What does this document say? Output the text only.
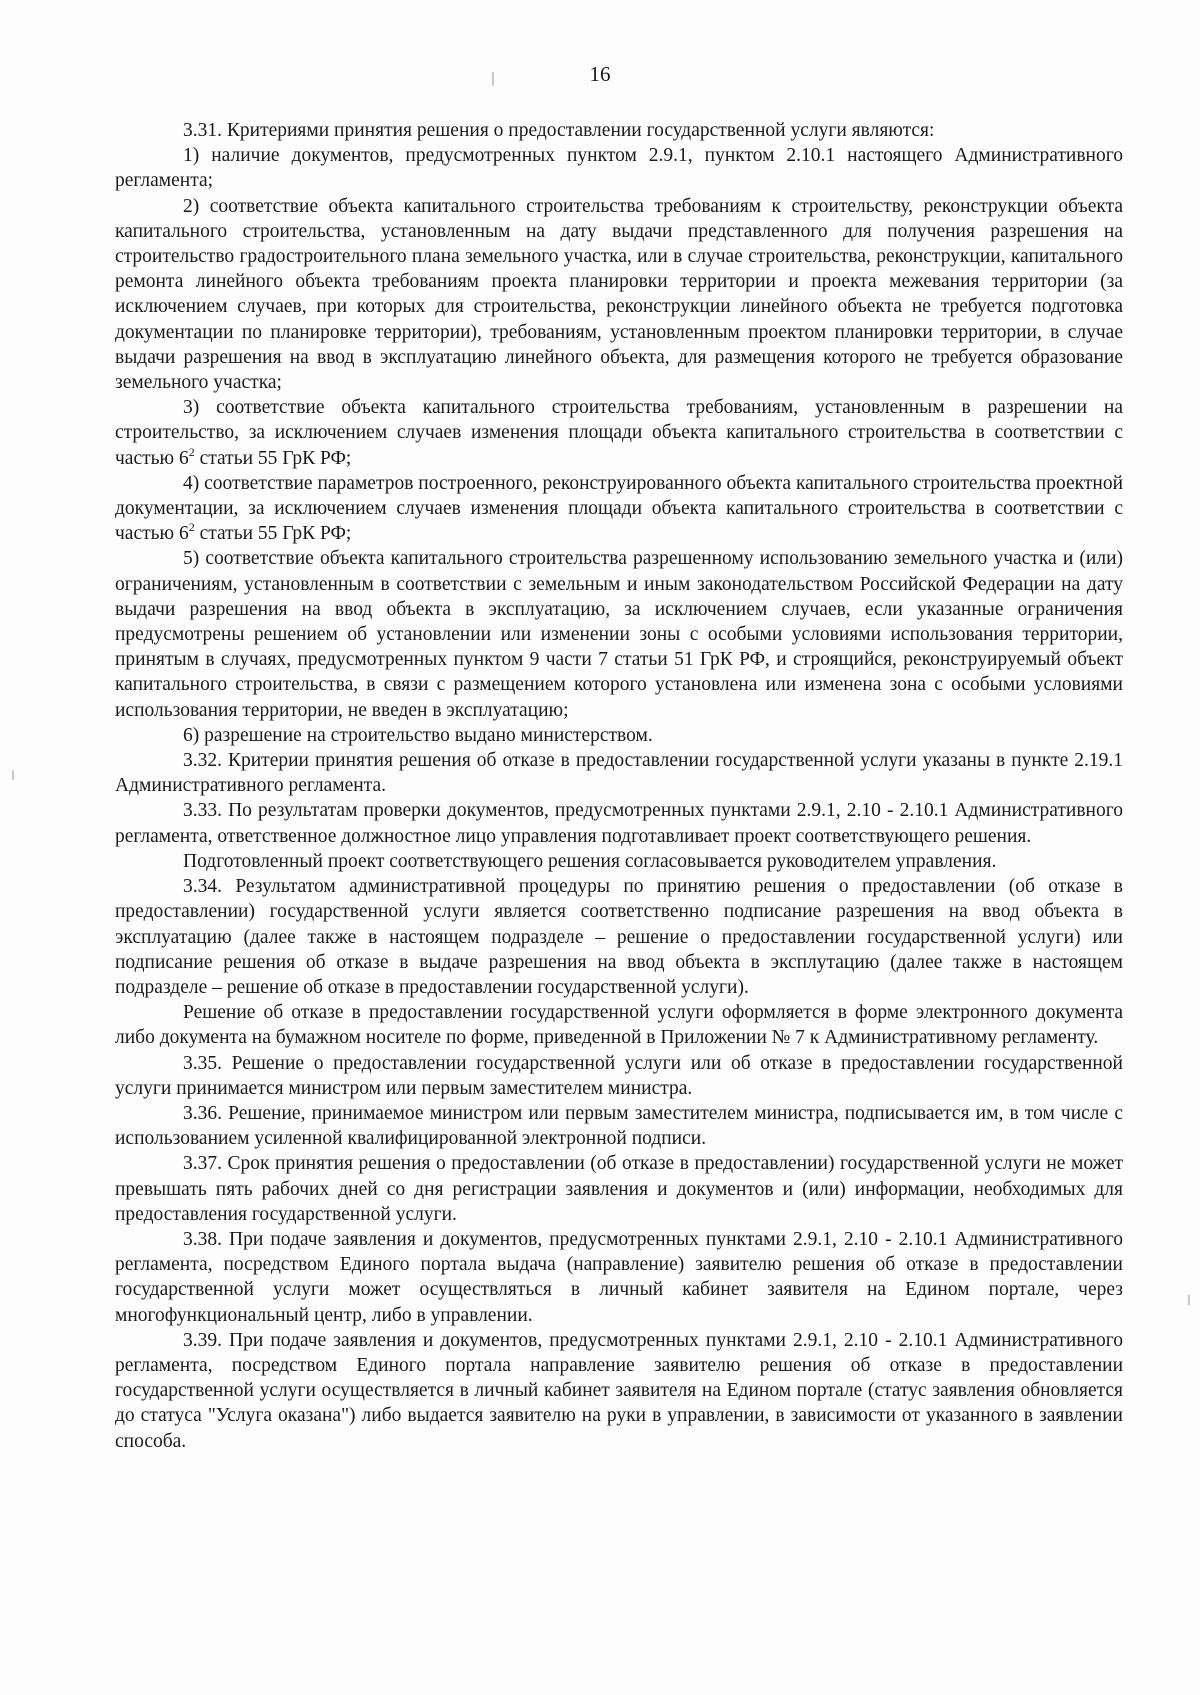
16

3.31. Критериями принятия решения о предоставлении государственной услуги являются:

1) наличие документов, предусмотренных пунктом 2.9.1, пунктом 2.10.1 настоящего Административного регламента;

2) соответствие объекта капитального строительства требованиям к строительству, реконструкции объекта капитального строительства, установленным на дату выдачи представленного для получения разрешения на строительство градостроительного плана земельного участка, или в случае строительства, реконструкции, капитального ремонта линейного объекта требованиям проекта планировки территории и проекта межевания территории (за исключением случаев, при которых для строительства, реконструкции линейного объекта не требуется подготовка документации по планировке территории), требованиям, установленным проектом планировки территории, в случае выдачи разрешения на ввод в эксплуатацию линейного объекта, для размещения которого не требуется образование земельного участка;

3) соответствие объекта капитального строительства требованиям, установленным в разрешении на строительство, за исключением случаев изменения площади объекта капитального строительства в соответствии с частью $6^2$ статьи 55 ГрК РФ;

4) соответствие параметров построенного, реконструированного объекта капитального строительства проектной документации, за исключением случаев изменения площади объекта капитального строительства в соответствии с частью $6^2$ статьи 55 ГрК РФ;

5) соответствие объекта капитального строительства разрешенному использованию земельного участка и (или) ограничениям, установленным в соответствии с земельным и иным законодательством Российской Федерации на дату выдачи разрешения на ввод объекта в эксплуатацию, за исключением случаев, если указанные ограничения предусмотрены решением об установлении или изменении зоны с особыми условиями использования территории, принятым в случаях, предусмотренных пунктом 9 части 7 статьи 51 ГрК РФ, и строящийся, реконструируемый объект капитального строительства, в связи с размещением которого установлена или изменена зона с особыми условиями использования территории, не введен в эксплуатацию;

6) разрешение на строительство выдано министерством.

3.32. Критерии принятия решения об отказе в предоставлении государственной услуги указаны в пункте 2.19.1 Административного регламента.

3.33. По результатам проверки документов, предусмотренных пунктами 2.9.1, 2.10 - 2.10.1 Административного регламента, ответственное должностное лицо управления подготавливает проект соответствующего решения.

Подготовленный проект соответствующего решения согласовывается руководителем управления.

3.34. Результатом административной процедуры по принятию решения о предоставлении (об отказе в предоставлении) государственной услуги является соответственно подписание разрешения на ввод объекта в эксплуатацию (далее также в настоящем подразделе – решение о предоставлении государственной услуги) или подписание решения об отказе в выдаче разрешения на ввод объекта в эксплутацию (далее также в настоящем подразделе – решение об отказе в предоставлении государственной услуги).

Решение об отказе в предоставлении государственной услуги оформляется в форме электронного документа либо документа на бумажном носителе по форме, приведенной в Приложении № 7 к Административному регламенту.

3.35. Решение о предоставлении государственной услуги или об отказе в предоставлении государственной услуги принимается министром или первым заместителем министра.

3.36. Решение, принимаемое министром или первым заместителем министра, подписывается им, в том числе с использованием усиленной квалифицированной электронной подписи.

3.37. Срок принятия решения о предоставлении (об отказе в предоставлении) государственной услуги не может превышать пять рабочих дней со дня регистрации заявления и документов и (или) информации, необходимых для предоставления государственной услуги.

3.38. При подаче заявления и документов, предусмотренных пунктами 2.9.1, 2.10 - 2.10.1 Административного регламента, посредством Единого портала выдача (направление) заявителю решения об отказе в предоставлении государственной услуги может осуществляться в личный кабинет заявителя на Едином портале, через многофункциональный центр, либо в управлении.

3.39. При подаче заявления и документов, предусмотренных пунктами 2.9.1, 2.10 - 2.10.1 Административного регламента, посредством Единого портала направление заявителю решения об отказе в предоставлении государственной услуги осуществляется в личный кабинет заявителя на Едином портале (статус заявления обновляется до статуса "Услуга оказана") либо выдается заявителю на руки в управлении, в зависимости от указанного в заявлении способа.
